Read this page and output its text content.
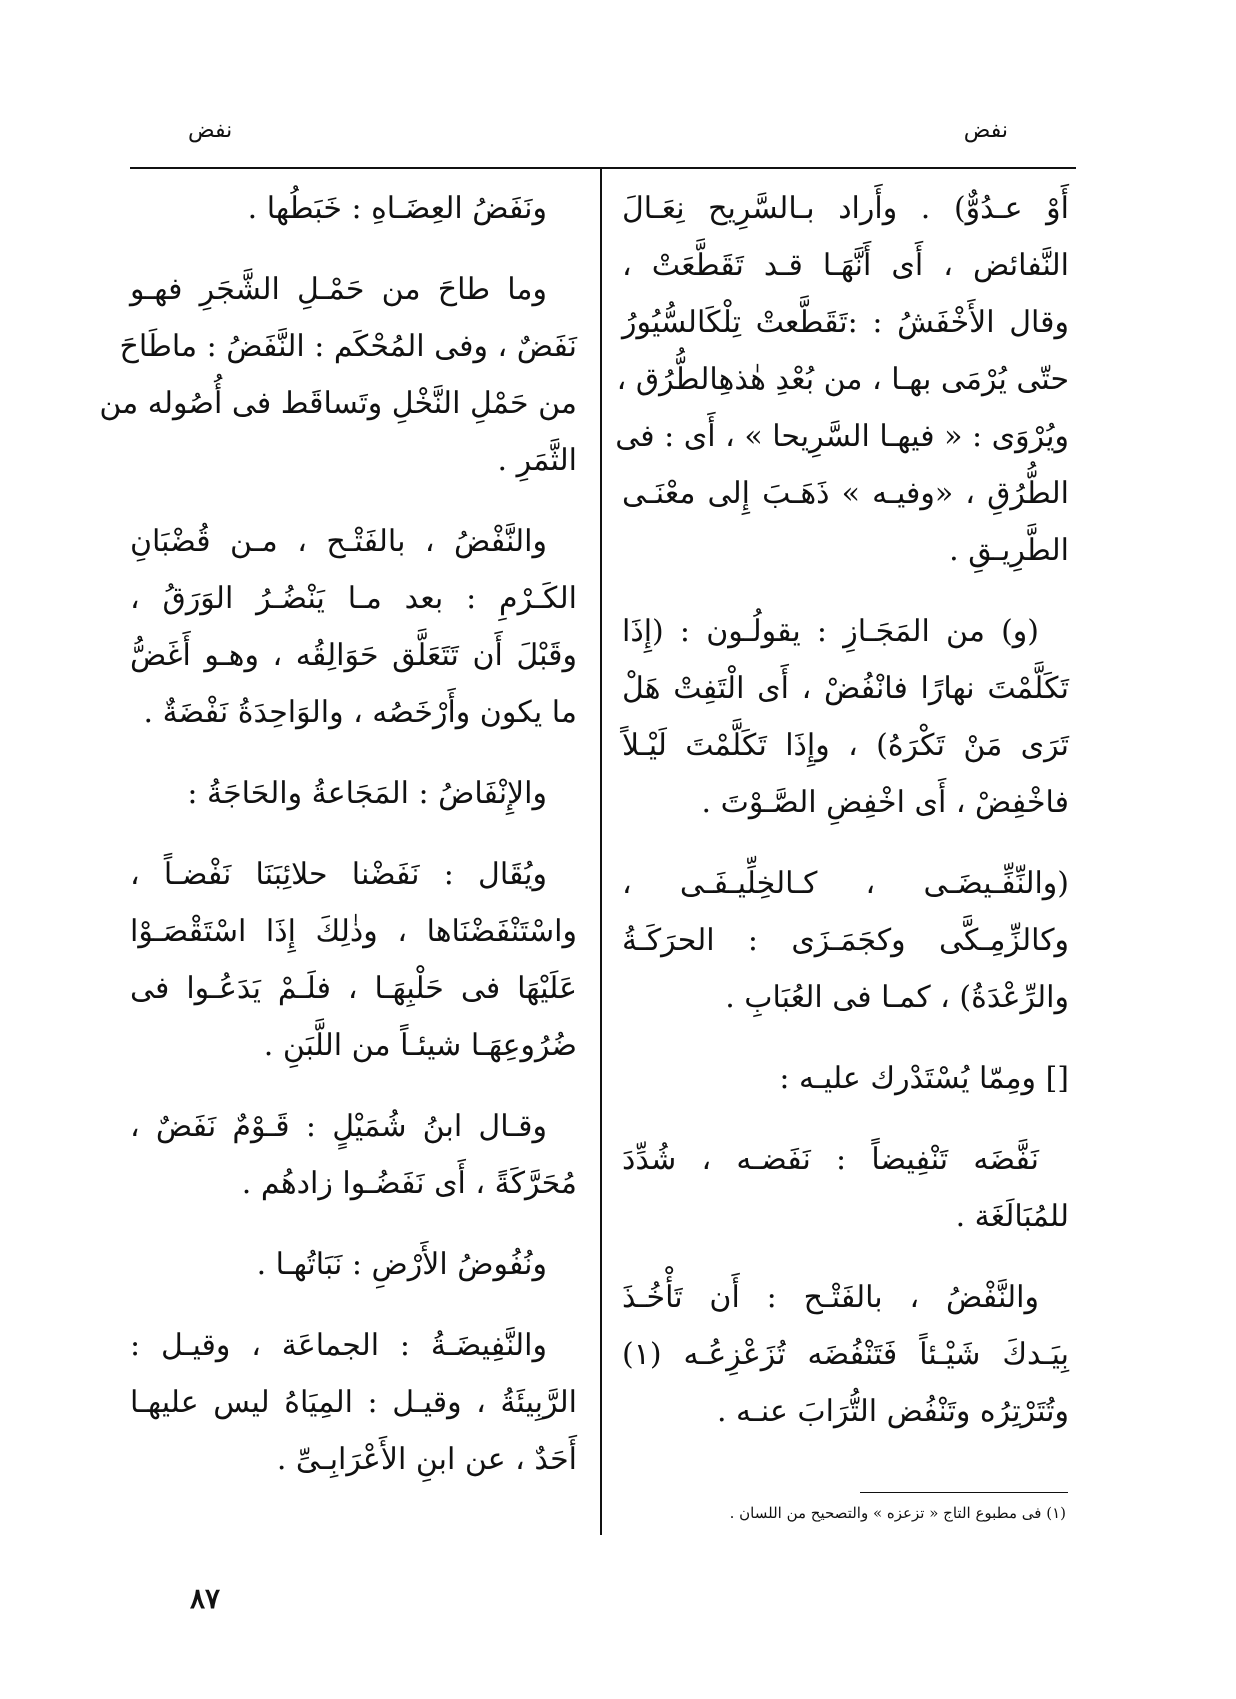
نفض
نفض
أَوْ عـدُوٌّ) . وأَراد بـالسَّرِيح نِعَـالَ
النَّفائض ، أَى أَنَّهَـا قـد تَقَطَّعَتْ ،
وقال الأَخْفَشُ : :تَقَطَّعتْ تِلْكَالسُّيُورُ
حتّى يُرْمَى بهـا ، من بُعْدِ هٰذهِالطُّرُق ،
ويُرْوَى : « فيهـا السَّرِيحا » ، أَى : فى
الطُّرُقِ ، «وفيـه » ذَهَـبَ إِلى معْنَـى
الطَّرِيـقِ .
(و) من المَجَـازِ : يقولُـون : (إِذَا
تَكَلَّمْتَ نهارًا فانْفُضْ ، أَى الْتَفِتْ هَلْ
تَرَى مَنْ تَكْرَهُ) ، وإِذَا تَكَلَّمْتَ لَيْـلاً
فاخْفِضْ ، أَى اخْفِضِ الصَّـوْتَ .
(والنِّفِّـيضَـى ، كـالخِلِّيـفَـى ،
وكالزِّمِـكَّى وكجَمَـزَى : الحرَكَـةُ
والرِّعْدَةُ) ، كمـا فى العُبَابِ .
[] ومِمّا يُسْتَدْرك عليـه :
نَفَّضَه تَنْفِيضاً : نَفَضـه ، شُدِّدَ
للمُبَالَغَة .
والنَّفْضُ ، بالفَتْـح : أَن تَأْخُـذَ
بِيَـدكَ شَيْـئاً فَتَنْفُضَه تُزَعْزِعُـه (١)
وتُتَرْتِرُه وتَنْفُض التُّرَابَ عنـه .
ونَفَضُ العِضَـاهِ : خَبَطُها .
وما طاحَ من حَمْـلِ الشَّجَرِ فهـو
نَفَضٌ ، وفى المُحْكَم : النَّفَضُ : ماطَاحَ
من حَمْلِ النَّخْلِ وتَساقَط فى أُصُوله من
الثَّمَرِ .
والنَّفْضُ ، بالفَتْـح ، مـن قُضْبَانِ
الكَـرْمِ : بعد مـا يَنْضُـرُ الوَرَقُ ،
وقَبْلَ أَن تَتَعَلَّق حَوَالِقُه ، وهـو أَغَضُّ
ما يكون وأَرْخَصُه ، والوَاحِدَةُ نَفْضَةٌ .
والإِنْفَاضُ : المَجَاعةُ والحَاجَةُ :
ويُقَال : نَفَضْنا حلائِبَنَا نَفْضـاً ،
واسْتَنْفَضْنَاها ، وذٰلِكَ إِذَا اسْتَقْصَـوْا
عَلَيْهَا فى حَلْبِهَـا ، فلَـمْ يَدَعُـوا فى
ضُرُوعِهَـا شيئـاً من اللَّبَنِ .
وقـال ابنُ شُمَيْلٍ : قَـوْمٌ نَفَضٌ ،
مُحَرَّكَةً ، أَى نَفَضُـوا زادهُم .
ونُفُوضُ الأَرْضِ : نَبَاتُهـا .
والنَّفِيضَـةُ : الجماعَة ، وقيـل :
الرَّبِيئَةُ ، وقيـل : المِيَاهُ ليس عليهـا
أَحَدٌ ، عن ابنِ الأَعْرَابِـىِّ .
(١) فى مطبوع التاج « تزعزه » والتصحيح من اللسان .
٨٧
